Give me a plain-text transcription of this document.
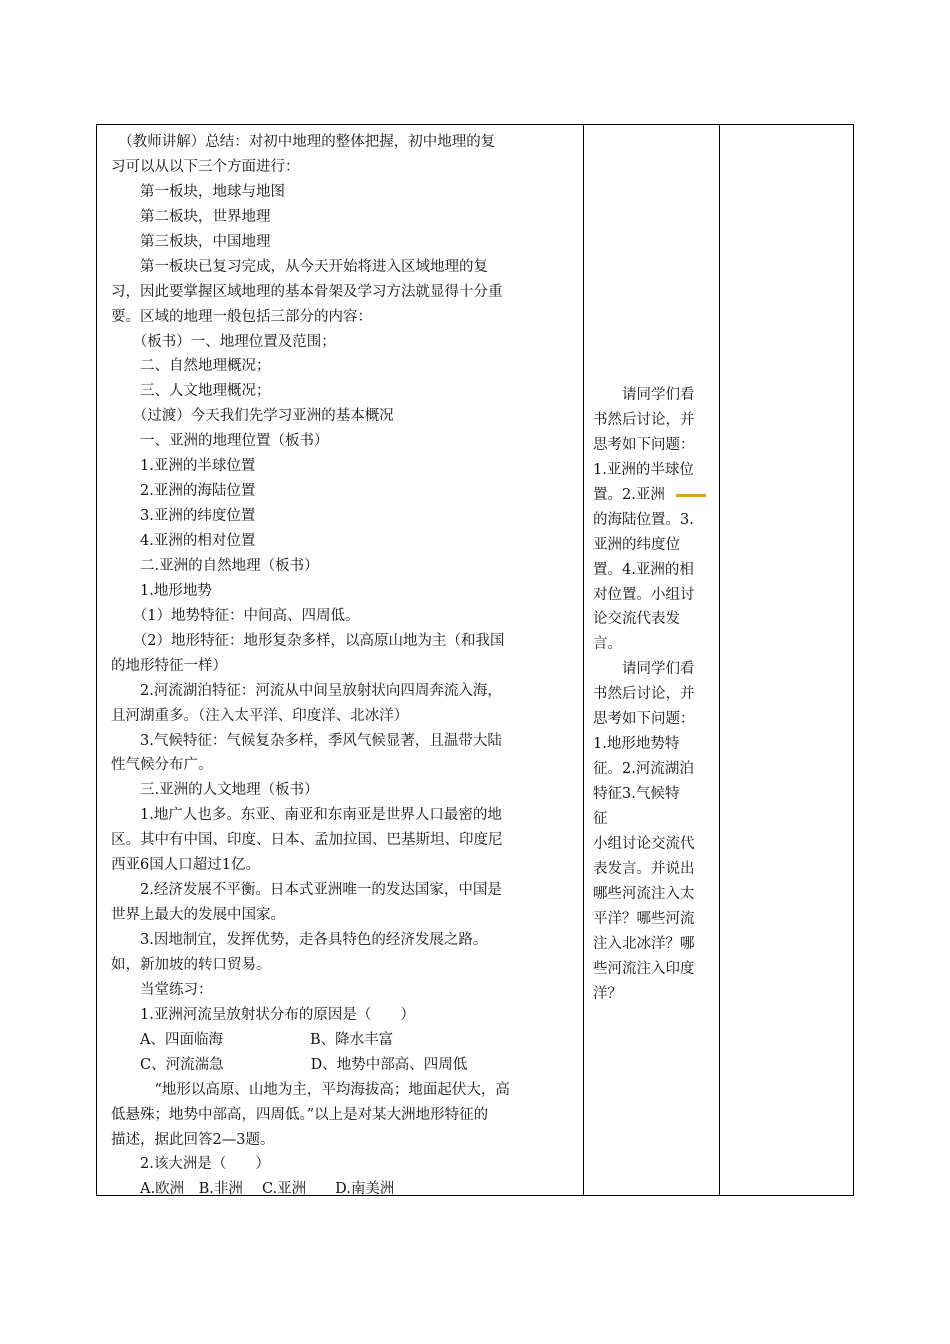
　（教师讲解）总结：对初中地理的整体把握，初中地理的复
习可以从以下三个方面进行：
　　第一板块，地球与地图
　　第二板块，世界地理
　　第三板块，中国地理
　　第一板块已复习完成，从今天开始将进入区域地理的复
习，因此要掌握区域地理的基本骨架及学习方法就显得十分重
要。区域的地理一般包括三部分的内容：
　　（板书）一、地理位置及范围；
　　二、自然地理概况；
　　三、人文地理概况；
　　（过渡）今天我们先学习亚洲的基本概况
　　一、亚洲的地理位置（板书）
　　1.亚洲的半球位置
　　2.亚洲的海陆位置
　　3.亚洲的纬度位置
　　4.亚洲的相对位置
　　二.亚洲的自然地理（板书）
　　1.地形地势
　　（1）地势特征：中间高、四周低。
　　（2）地形特征：地形复杂多样，以高原山地为主（和我国
的地形特征一样）
　　2.河流湖泊特征：河流从中间呈放射状向四周奔流入海，
且河湖重多。（注入太平洋、印度洋、北冰洋）
　　3.气候特征：气候复杂多样，季风气候显著，且温带大陆
性气候分布广。
　　三.亚洲的人文地理（板书）
　　1.地广人也多。东亚、南亚和东南亚是世界人口最密的地
区。其中有中国、印度、日本、孟加拉国、巴基斯坦、印度尼
西亚6国人口超过1亿。
　　2.经济发展不平衡。日本式亚洲唯一的发达国家，中国是
世界上最大的发展中国家。
　　3.因地制宜，发挥优势，走各具特色的经济发展之路。
如，新加坡的转口贸易。
　　当堂练习：
　　1.亚洲河流呈放射状分布的原因是（　　）
　　A、四面临海　　　　　　B、降水丰富
　　C、河流湍急　　　　　　D、地势中部高、四周低
　　　“地形以高原、山地为主，平均海拔高；地面起伏大，高
低悬殊；地势中部高，四周低。”以上是对某大洲地形特征的
描述，据此回答2—3题。
　　2.该大洲是（　　）
　　A.欧洲　B.非洲　 C.亚洲　　D.南美洲
　　请同学们看
书然后讨论，并
思考如下问题：
1.亚洲的半球位
置。2.亚洲
的海陆位置。3.
亚洲的纬度位
置。4.亚洲的相
对位置。小组讨
论交流代表发
言。
　　请同学们看
书然后讨论，并
思考如下问题：
1.地形地势特
征。2.河流湖泊
特征3.气候特
征
小组讨论交流代
表发言。并说出
哪些河流注入太
平洋？哪些河流
注入北冰洋？哪
些河流注入印度
洋？
